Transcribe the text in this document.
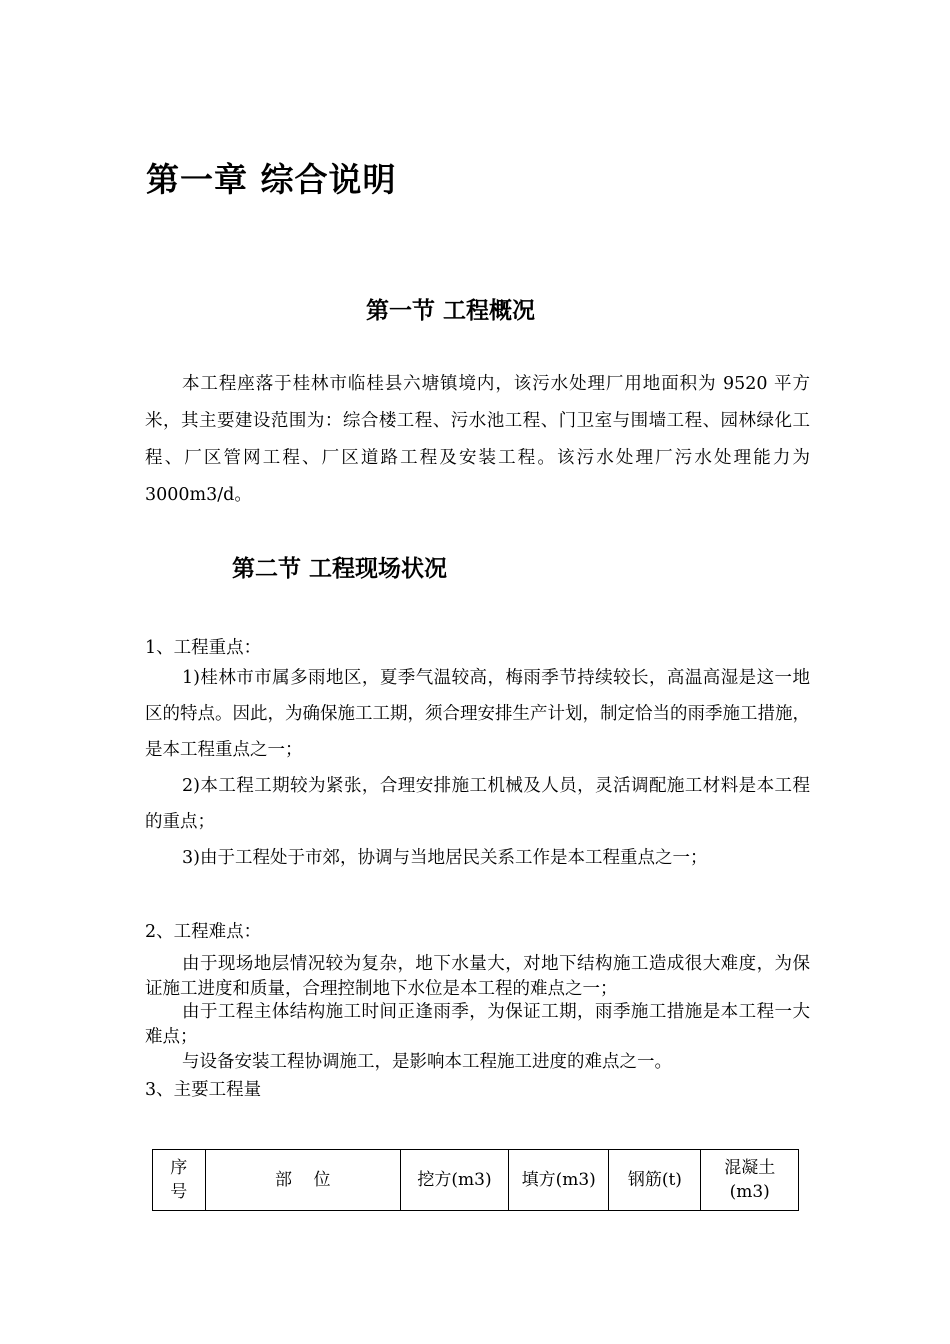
第一章 综合说明
第一节 工程概况
本工程座落于桂林市临桂县六塘镇境内，该污水处理厂用地面积为 9520 平方米，其主要建设范围为：综合楼工程、污水池工程、门卫室与围墙工程、园林绿化工程、厂区管网工程、厂区道路工程及安装工程。该污水处理厂污水处理能力为 3000m3/d。
第二节 工程现场状况
1、工程重点：
1)桂林市市属多雨地区，夏季气温较高，梅雨季节持续较长，高温高湿是这一地区的特点。因此，为确保施工工期，须合理安排生产计划，制定恰当的雨季施工措施，是本工程重点之一；
2)本工程工期较为紧张，合理安排施工机械及人员，灵活调配施工材料是本工程的重点；
3)由于工程处于市郊，协调与当地居民关系工作是本工程重点之一；
2、工程难点：
由于现场地层情况较为复杂，地下水量大，对地下结构施工造成很大难度，为保证施工进度和质量，合理控制地下水位是本工程的难点之一；
由于工程主体结构施工时间正逢雨季，为保证工期，雨季施工措施是本工程一大难点；
与设备安装工程协调施工，是影响本工程施工进度的难点之一。
3、主要工程量
序号	部    位	挖方(m3)	填方(m3)	钢筋(t)	混凝土(m3)
